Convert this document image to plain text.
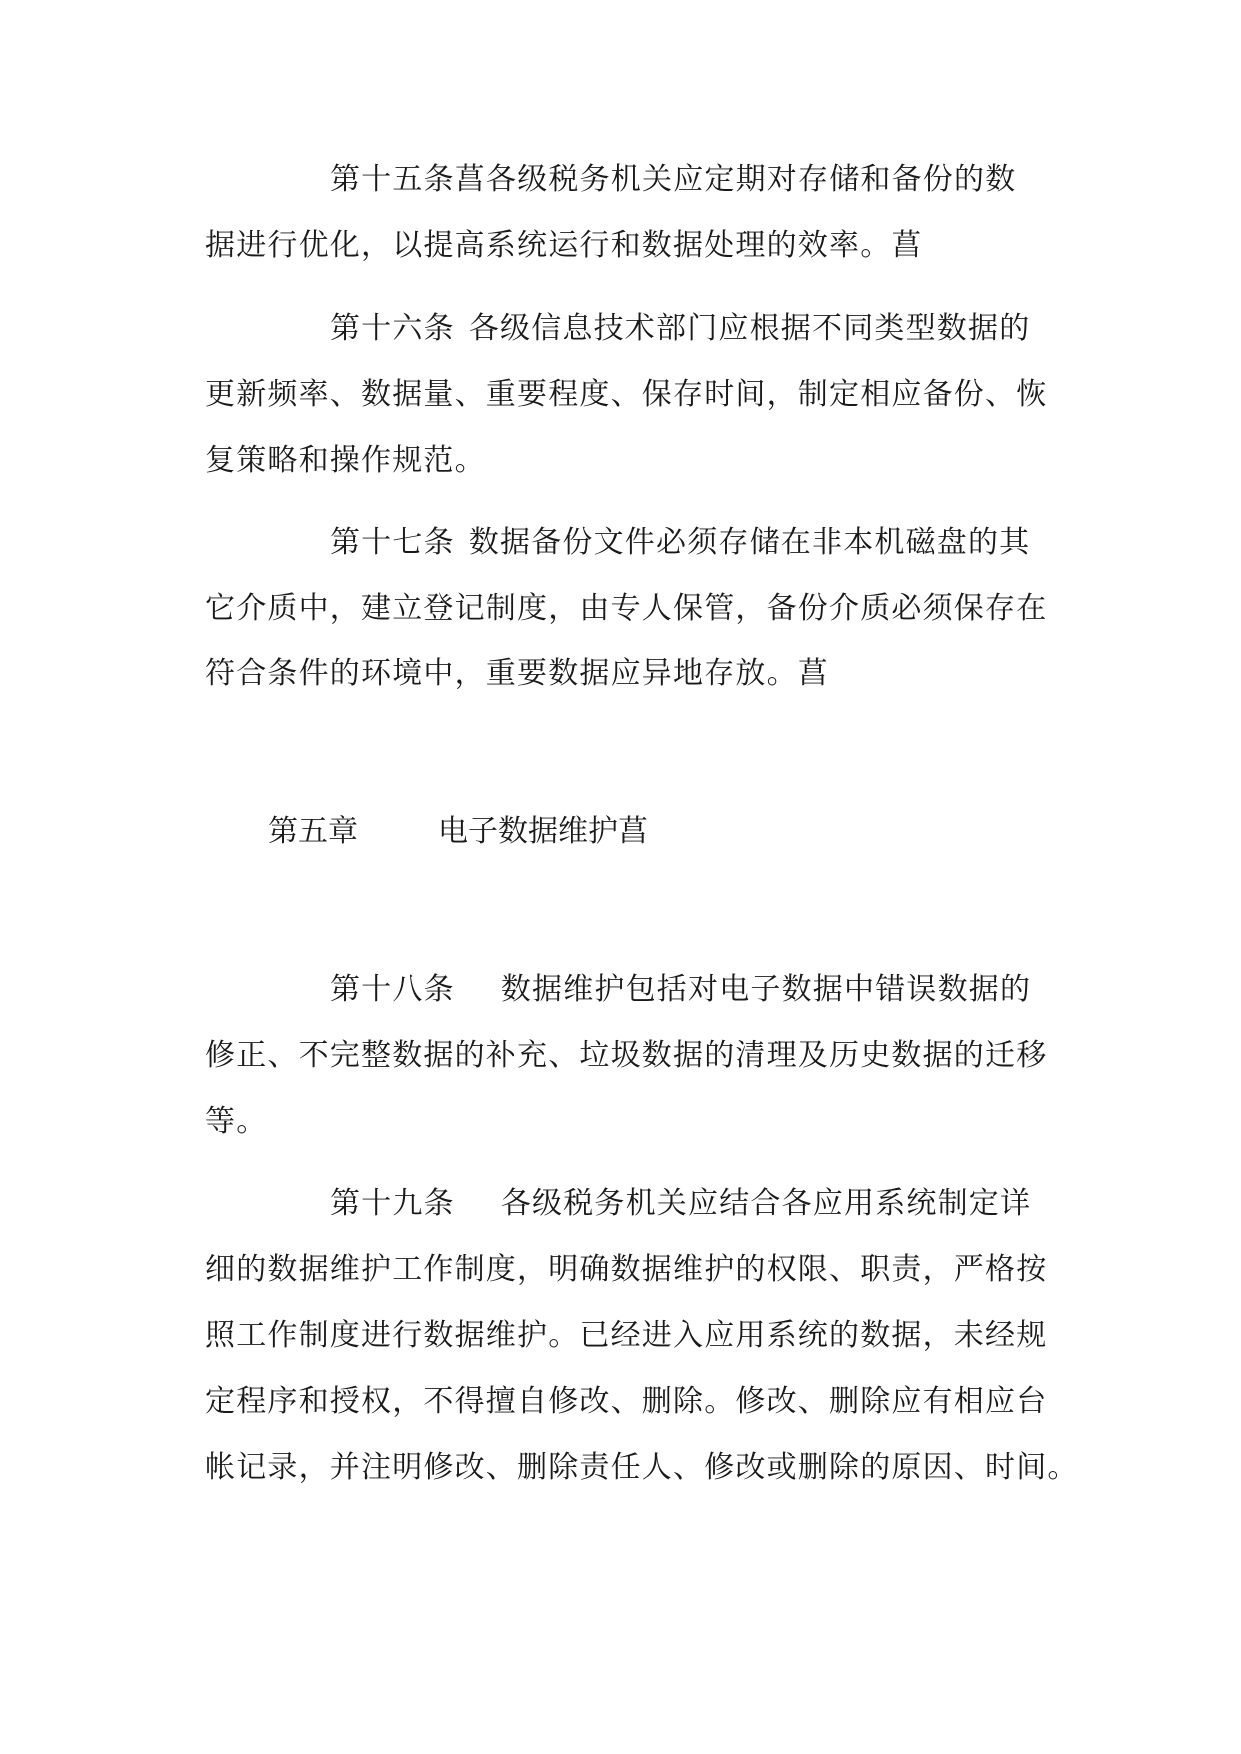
第十五条菖各级税务机关应定期对存储和备份的数
据进行优化，以提高系统运行和数据处理的效率。菖
第十六条 各级信息技术部门应根据不同类型数据的
更新频率、数据量、重要程度、保存时间，制定相应备份、恢
复策略和操作规范。
第十七条 数据备份文件必须存储在非本机磁盘的其
它介质中，建立登记制度，由专人保管，备份介质必须保存在
符合条件的环境中，重要数据应异地存放。菖
第五章	电子数据维护菖
第十八条 数据维护包括对电子数据中错误数据的
修正、不完整数据的补充、垃圾数据的清理及历史数据的迁移
等。
第十九条 各级税务机关应结合各应用系统制定详
细的数据维护工作制度，明确数据维护的权限、职责，严格按
照工作制度进行数据维护。已经进入应用系统的数据，未经规
定程序和授权，不得擅自修改、删除。修改、删除应有相应台
帐记录，并注明修改、删除责任人、修改或删除的原因、时间。
